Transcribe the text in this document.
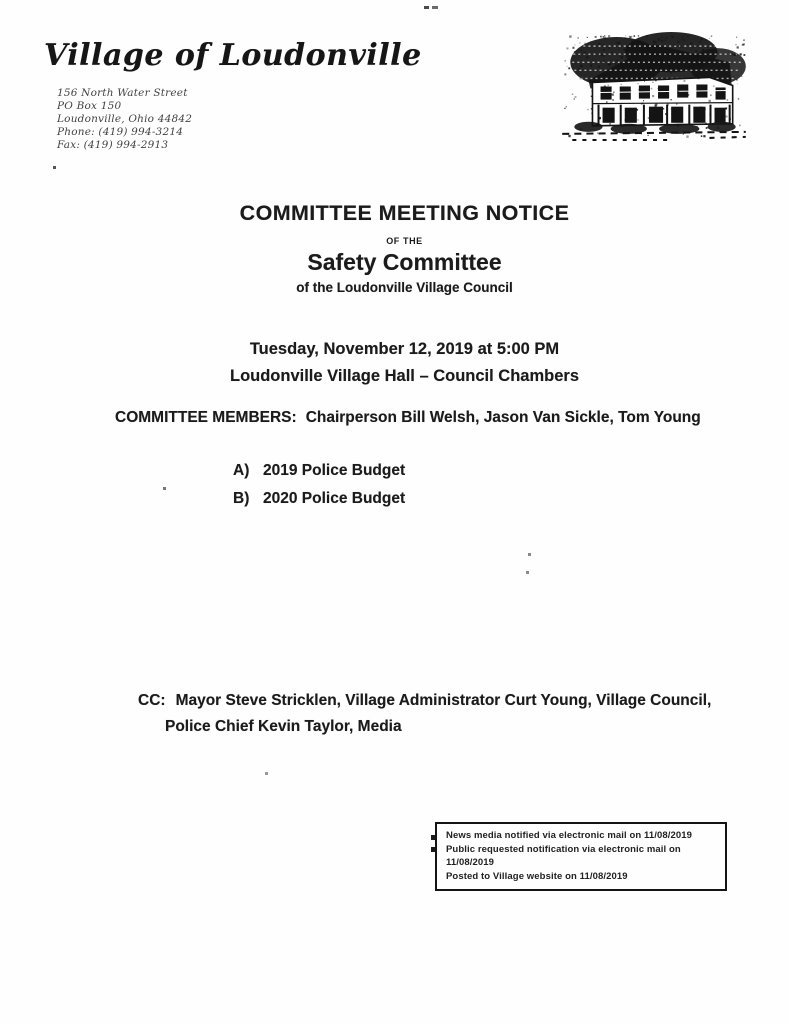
Village of Loudonville
156 North Water Street
PO Box 150
Loudonville, Ohio 44842
Phone: (419) 994-3214
Fax: (419) 994-2913
COMMITTEE MEETING NOTICE
OF THE
Safety Committee
of the Loudonville Village Council
Tuesday, November 12, 2019 at 5:00 PM
Loudonville Village Hall – Council Chambers
COMMITTEE MEMBERS: Chairperson Bill Welsh, Jason Van Sickle, Tom Young
A) 2019 Police Budget
B) 2020 Police Budget
CC: Mayor Steve Stricklen, Village Administrator Curt Young, Village Council,
Police Chief Kevin Taylor, Media
News media notified via electronic mail on 11/08/2019
Public requested notification via electronic mail on 11/08/2019
Posted to Village website on 11/08/2019
